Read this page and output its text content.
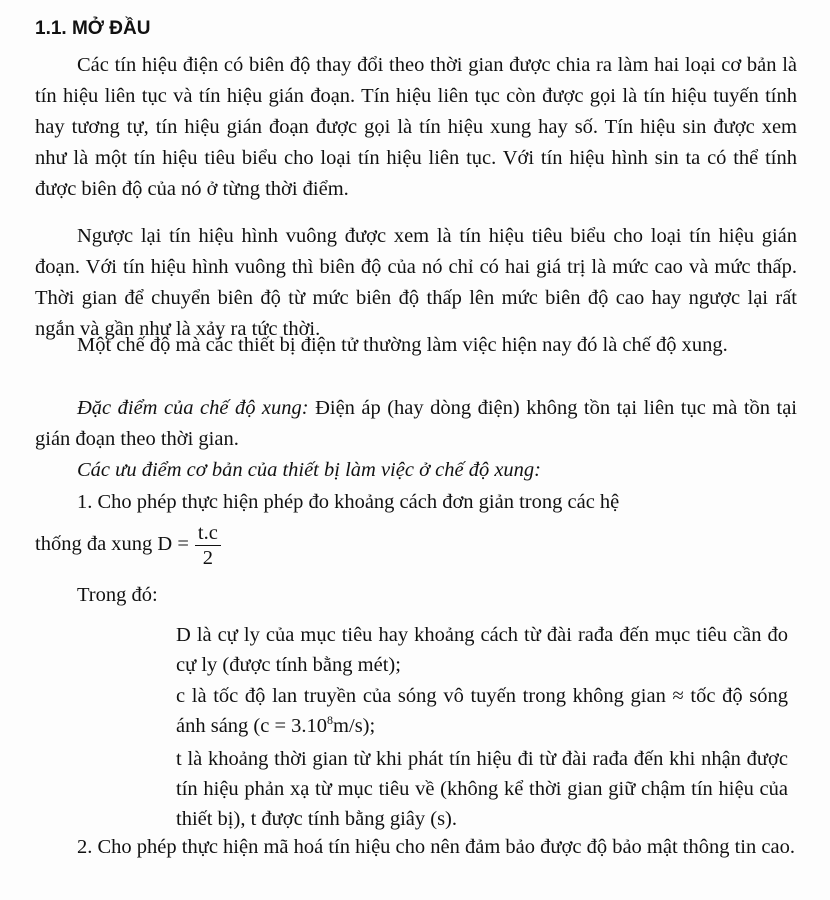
1.1. MỞ ĐẦU
Các tín hiệu điện có biên độ thay đổi theo thời gian được chia ra làm hai loại cơ bản là tín hiệu liên tục và tín hiệu gián đoạn. Tín hiệu liên tục còn được gọi là tín hiệu tuyến tính hay tương tự, tín hiệu gián đoạn được gọi là tín hiệu xung hay số. Tín hiệu sin được xem như là một tín hiệu tiêu biểu cho loại tín hiệu liên tục. Với tín hiệu hình sin ta có thể tính được biên độ của nó ở từng thời điểm.
Ngược lại tín hiệu hình vuông được xem là tín hiệu tiêu biểu cho loại tín hiệu gián đoạn. Với tín hiệu hình vuông thì biên độ của nó chỉ có hai giá trị là mức cao và mức thấp. Thời gian để chuyển biên độ từ mức biên độ thấp lên mức biên độ cao hay ngược lại rất ngắn và gần như là xảy ra tức thời.
Một chế độ mà các thiết bị điện tử thường làm việc hiện nay đó là chế độ xung.
Đặc điểm của chế độ xung: Điện áp (hay dòng điện) không tồn tại liên tục mà tồn tại gián đoạn theo thời gian.
Các ưu điểm cơ bản của thiết bị làm việc ở chế độ xung:
1. Cho phép thực hiện phép đo khoảng cách đơn giản trong các hệ
thống đa xung $D = \frac{t.c}{2}$
Trong đó:
D là cự ly của mục tiêu hay khoảng cách từ đài rađa đến mục tiêu cần đo cự ly (được tính bằng mét);
c là tốc độ lan truyền của sóng vô tuyến trong không gian ≈ tốc độ sóng ánh sáng $(c = 3.10^8m/s)$;
t là khoảng thời gian từ khi phát tín hiệu đi từ đài rađa đến khi nhận được tín hiệu phản xạ từ mục tiêu về (không kể thời gian giữ chậm tín hiệu của thiết bị), t được tính bằng giây (s).
2. Cho phép thực hiện mã hoá tín hiệu cho nên đảm bảo được độ bảo mật thông tin cao.
